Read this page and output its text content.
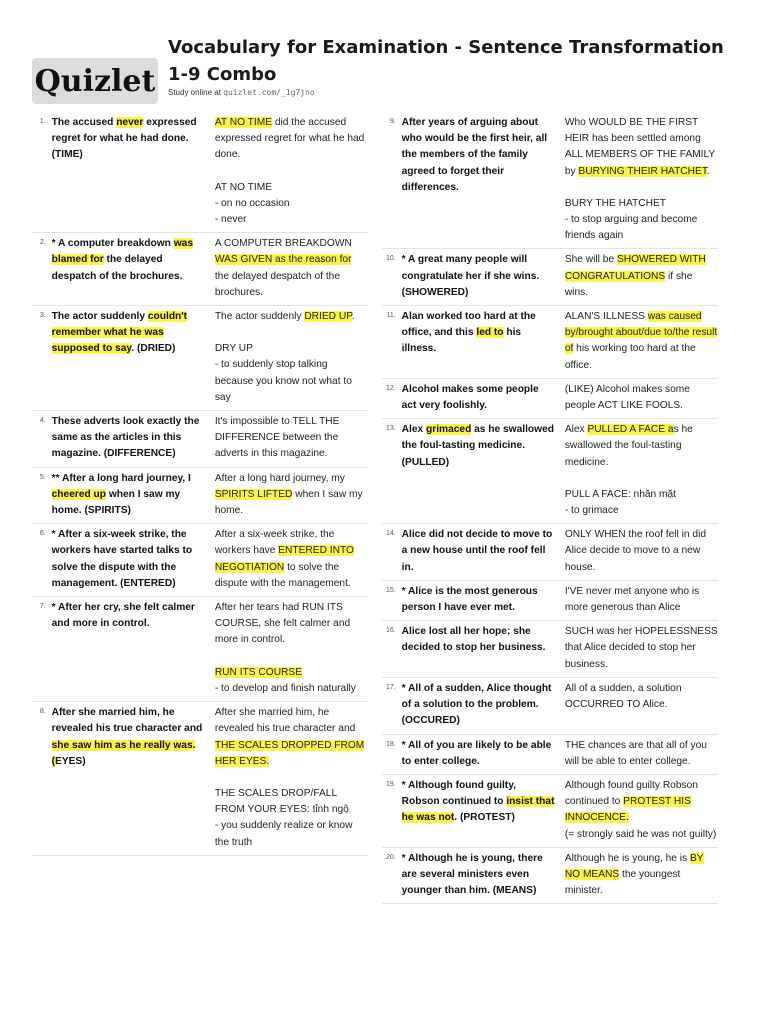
Quizlet
Vocabulary for Examination - Sentence Transformation 1-9 Combo
Study online at quizlet.com/_1g7jno
1. The accused never expressed regret for what he had done. (TIME)
AT NO TIME did the accused expressed regret for what he had done.
AT NO TIME
- on no occasion
- never
2. * A computer breakdown was blamed for the delayed despatch of the brochures.
A COMPUTER BREAKDOWN WAS GIVEN as the reason for the delayed despatch of the brochures.
3. The actor suddenly couldn't remember what he was supposed to say. (DRIED)
The actor suddenly DRIED UP.
DRY UP
- to suddenly stop talking because you know not what to say
4. These adverts look exactly the same as the articles in this magazine. (DIFFERENCE)
It's impossible to TELL THE DIFFERENCE between the adverts in this magazine.
5. ** After a long hard journey, I cheered up when I saw my home. (SPIRITS)
After a long hard journey, my SPIRITS LIFTED when I saw my home.
6. * After a six-week strike, the workers have started talks to solve the dispute with the management. (ENTERED)
After a six-week strike, the workers have ENTERED INTO NEGOTIATION to solve the dispute with the management.
7. * After her cry, she felt calmer and more in control.
After her tears had RUN ITS COURSE, she felt calmer and more in control.
RUN ITS COURSE
- to develop and finish naturally
8. After she married him, he revealed his true character and she saw him as he really was. (EYES)
After she married him, he revealed his true character and THE SCALES DROPPED FROM HER EYES.
THE SCALES DROP/FALL FROM YOUR EYES: tỉnh ngộ
- you suddenly realize or know the truth
9. After years of arguing about who would be the first heir, all the members of the family agreed to forget their differences.
Who WOULD BE THE FIRST HEIR has been settled among ALL MEMBERS OF THE FAMILY by BURYING THEIR HATCHET.
BURY THE HATCHET
- to stop arguing and become friends again
10. * A great many people will congratulate her if she wins. (SHOWERED)
She will be SHOWERED WITH CONGRATULATIONS if she wins.
11. Alan worked too hard at the office, and this led to his illness.
ALAN'S ILLNESS was caused by/brought about/due to/the result of his working too hard at the office.
12. Alcohol makes some people act very foolishly.
(LIKE) Alcohol makes some people ACT LIKE FOOLS.
13. Alex grimaced as he swallowed the foul-tasting medicine. (PULLED)
Alex PULLED A FACE as he swallowed the foul-tasting medicine.
PULL A FACE: nhăn mặt
- to grimace
14. Alice did not decide to move to a new house until the roof fell in.
ONLY WHEN the roof fell in did Alice decide to move to a new house.
15. * Alice is the most generous person I have ever met.
I'VE never met anyone who is more generous than Alice
16. Alice lost all her hope; she decided to stop her business.
SUCH was her HOPELESSNESS that Alice decided to stop her business.
17. * All of a sudden, Alice thought of a solution to the problem. (OCCURED)
All of a sudden, a solution OCCURRED TO Alice.
18. * All of you are likely to be able to enter college.
THE chances are that all of you will be able to enter college.
19. * Although found guilty, Robson continued to insist that he was not. (PROTEST)
Although found guilty Robson continued to PROTEST HIS INNOCENCE.
(= strongly said he was not guilty)
20. * Although he is young, there are several ministers even younger than him. (MEANS)
Although he is young, he is BY NO MEANS the youngest minister.
